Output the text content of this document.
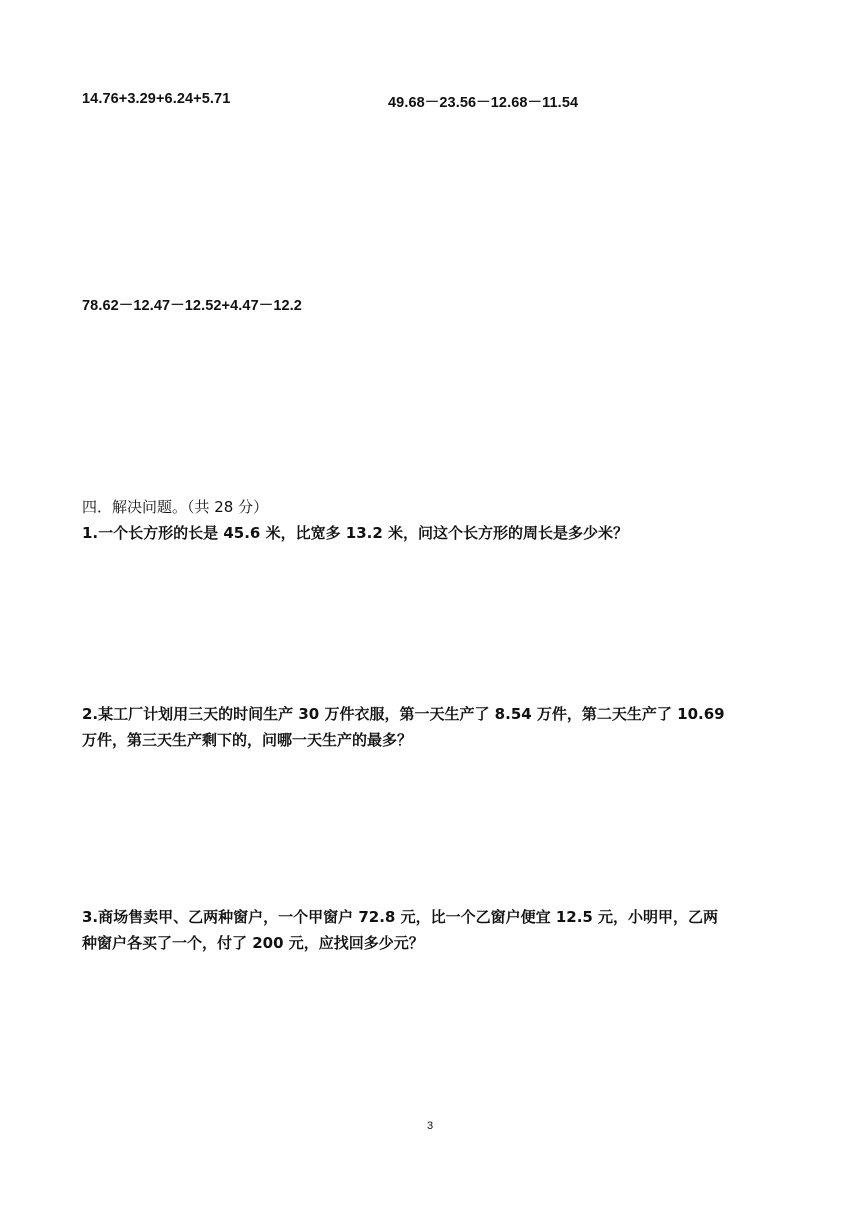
14.76+3.29+6.24+5.71	49.68－23.56－12.68－11.54
78.62－12.47－12.52+4.47－12.2
四．解决问题。（共 28 分）
1.一个长方形的长是 45.6 米，比宽多 13.2 米，问这个长方形的周长是多少米？
2.某工厂计划用三天的时间生产 30 万件衣服，第一天生产了 8.54 万件，第二天生产了 10.69
万件，第三天生产剩下的，问哪一天生产的最多？
3.商场售卖甲、乙两种窗户，一个甲窗户 72.8 元，比一个乙窗户便宜 12.5 元，小明甲，乙两
种窗户各买了一个，付了 200 元，应找回多少元？
3
